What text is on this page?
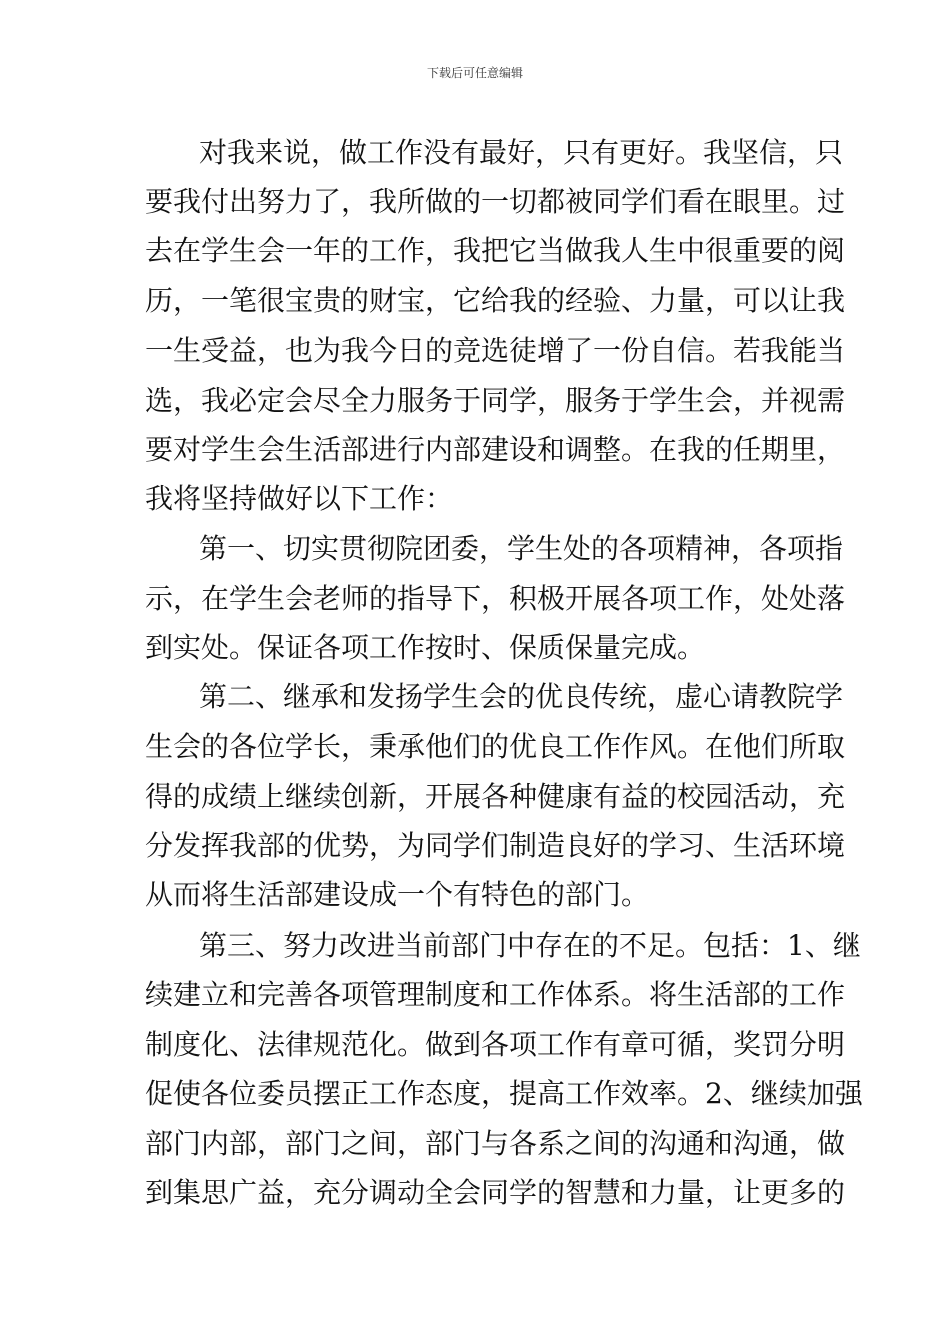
下载后可任意编辑
对我来说，做工作没有最好，只有更好。我坚信，只
要我付出努力了，我所做的一切都被同学们看在眼里。过
去在学生会一年的工作，我把它当做我人生中很重要的阅
历，一笔很宝贵的财宝，它给我的经验、力量，可以让我
一生受益，也为我今日的竞选徒增了一份自信。若我能当
选，我必定会尽全力服务于同学，服务于学生会，并视需
要对学生会生活部进行内部建设和调整。在我的任期里，
我将坚持做好以下工作：
第一、切实贯彻院团委，学生处的各项精神，各项指
示，在学生会老师的指导下，积极开展各项工作，处处落
到实处。保证各项工作按时、保质保量完成。
第二、继承和发扬学生会的优良传统，虚心请教院学
生会的各位学长，秉承他们的优良工作作风。在他们所取
得的成绩上继续创新，开展各种健康有益的校园活动，充
分发挥我部的优势，为同学们制造良好的学习、生活环境
从而将生活部建设成一个有特色的部门。
第三、努力改进当前部门中存在的不足。包括：1、继
续建立和完善各项管理制度和工作体系。将生活部的工作
制度化、法律规范化。做到各项工作有章可循，奖罚分明
促使各位委员摆正工作态度，提高工作效率。2、继续加强
部门内部，部门之间，部门与各系之间的沟通和沟通，做
到集思广益，充分调动全会同学的智慧和力量，让更多的
